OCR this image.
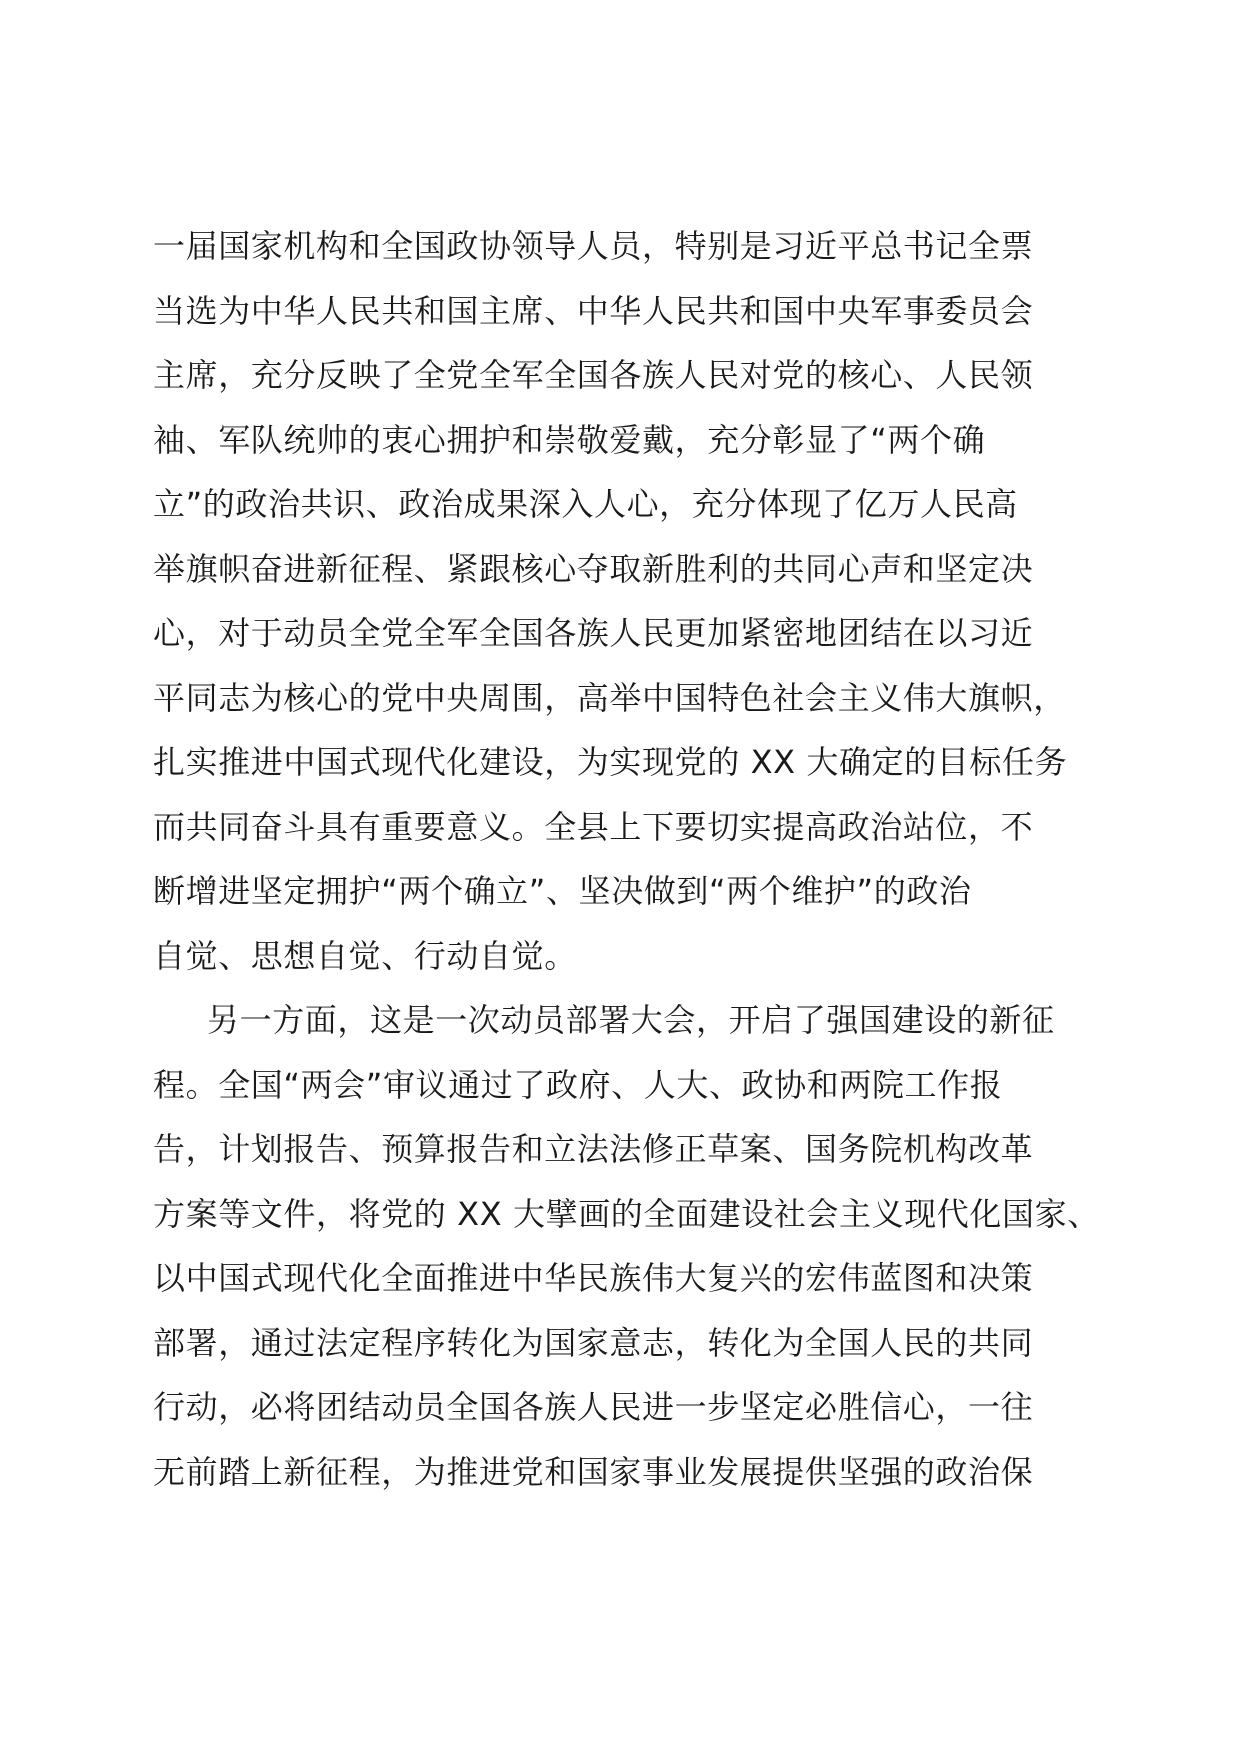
一届国家机构和全国政协领导人员，特别是习近平总书记全票
当选为中华人民共和国主席、中华人民共和国中央军事委员会
主席，充分反映了全党全军全国各族人民对党的核心、人民领
袖、军队统帅的衷心拥护和崇敬爱戴，充分彰显了“两个确
立”的政治共识、政治成果深入人心，充分体现了亿万人民高
举旗帜奋进新征程、紧跟核心夺取新胜利的共同心声和坚定决
心，对于动员全党全军全国各族人民更加紧密地团结在以习近
平同志为核心的党中央周围，高举中国特色社会主义伟大旗帜，
扎实推进中国式现代化建设，为实现党的 XX 大确定的目标任务
而共同奋斗具有重要意义。全县上下要切实提高政治站位，不
断增进坚定拥护“两个确立”、坚决做到“两个维护”的政治
自觉、思想自觉、行动自觉。
另一方面，这是一次动员部署大会，开启了强国建设的新征
程。全国“两会”审议通过了政府、人大、政协和两院工作报
告，计划报告、预算报告和立法法修正草案、国务院机构改革
方案等文件，将党的 XX 大擘画的全面建设社会主义现代化国家、
以中国式现代化全面推进中华民族伟大复兴的宏伟蓝图和决策
部署，通过法定程序转化为国家意志，转化为全国人民的共同
行动，必将团结动员全国各族人民进一步坚定必胜信心，一往
无前踏上新征程，为推进党和国家事业发展提供坚强的政治保
